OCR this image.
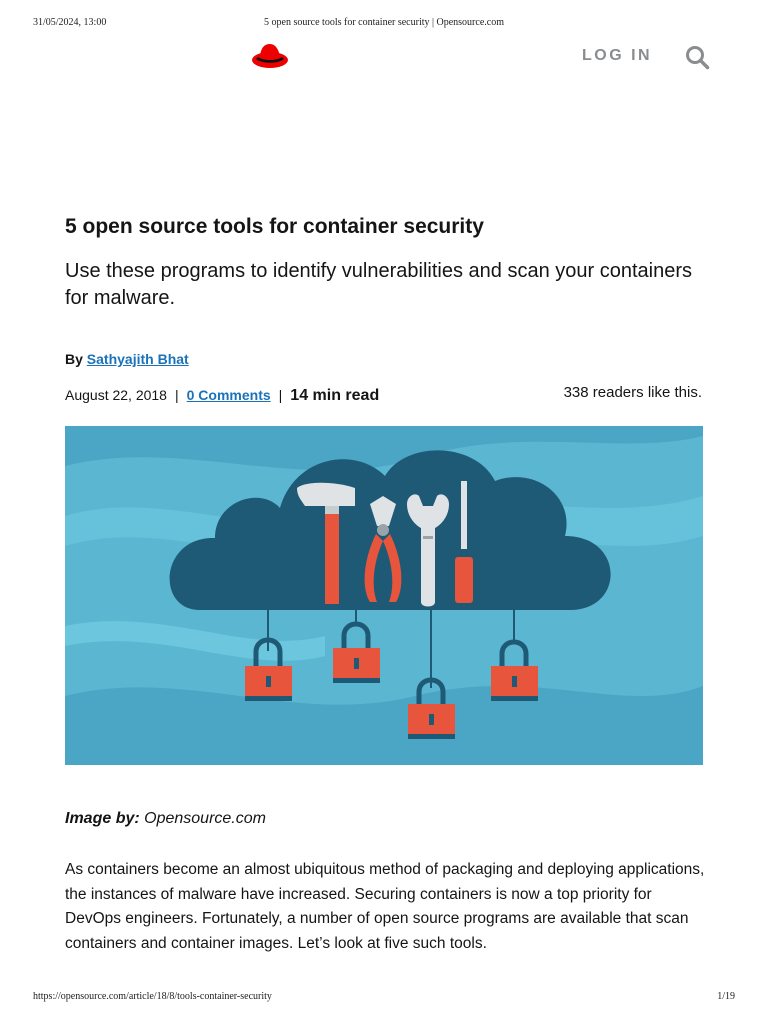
31/05/2024, 13:00	5 open source tools for container security | Opensource.com
LOG IN
5 open source tools for container security

Use these programs to identify vulnerabilities and scan your containers for malware.

By Sathyajith Bhat
August 22, 2018 | 0 Comments | 14 min read	338 readers like this.
Image by: Opensource.com

As containers become an almost ubiquitous method of packaging and deploying applications, the instances of malware have increased. Securing containers is now a top priority for DevOps engineers. Fortunately, a number of open source programs are available that scan containers and container images. Let’s look at five such tools.

https://opensource.com/article/18/8/tools-container-security	1/19
